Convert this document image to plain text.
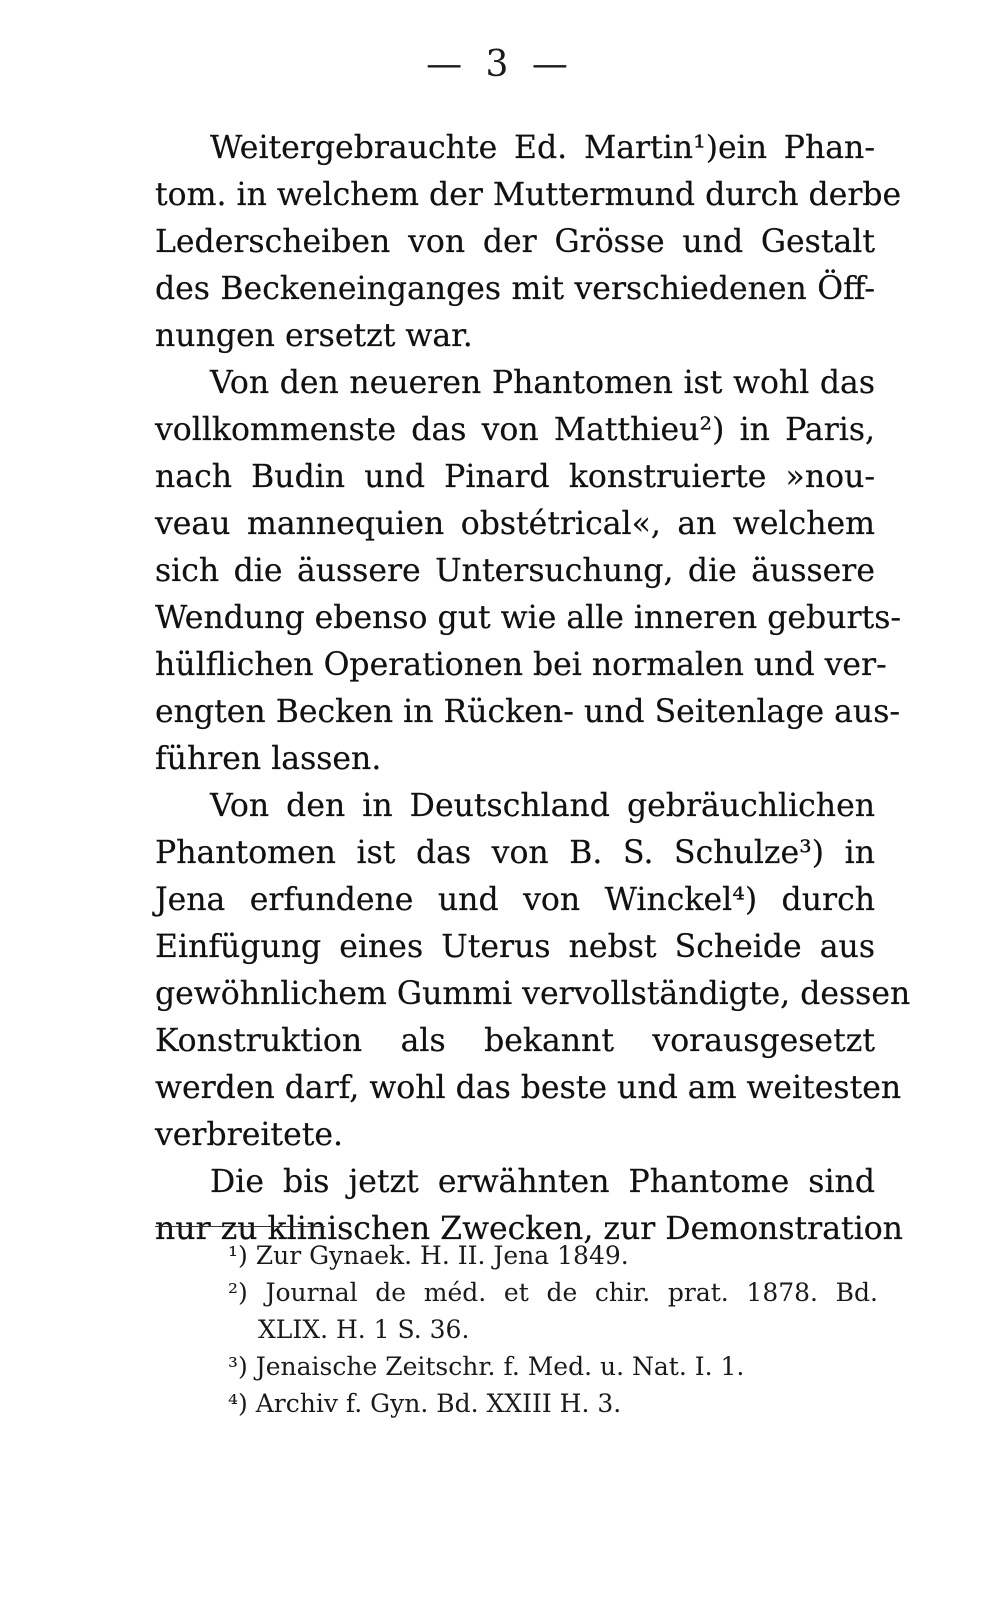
— 3 —
Weitergebrauchte Ed. Martin¹)ein Phan-
tom. in welchem der Muttermund durch derbe
Lederscheiben von der Grösse und Gestalt
des Beckeneinganges mit verschiedenen Öff-
nungen ersetzt war.
Von den neueren Phantomen ist wohl das
vollkommenste das von Matthieu²) in Paris,
nach Budin und Pinard konstruierte »nou-
veau mannequien obstétrical«, an welchem
sich die äussere Untersuchung, die äussere
Wendung ebenso gut wie alle inneren geburts-
hülflichen Operationen bei normalen und ver-
engten Becken in Rücken- und Seitenlage aus-
führen lassen.
Von den in Deutschland gebräuchlichen
Phantomen ist das von B. S. Schulze³) in
Jena erfundene und von Winckel⁴) durch
Einfügung eines Uterus nebst Scheide aus
gewöhnlichem Gummi vervollständigte, dessen
Konstruktion als bekannt vorausgesetzt
werden darf, wohl das beste und am weitesten
verbreitete.
Die bis jetzt erwähnten Phantome sind
nur zu klinischen Zwecken, zur Demonstration
¹) Zur Gynaek. H. II. Jena 1849.
²) Journal de méd. et de chir. prat. 1878. Bd.
XLIX. H. 1 S. 36.
³) Jenaische Zeitschr. f. Med. u. Nat. I. 1.
⁴) Archiv f. Gyn. Bd. XXIII H. 3.
